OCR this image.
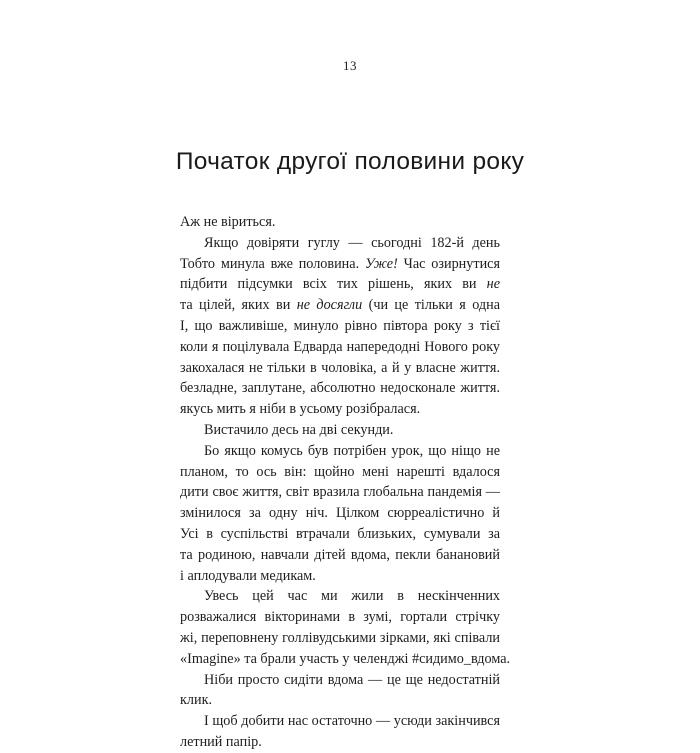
13
Початок другої половини року
Аж не віриться.
Якщо довіряти гуглу — сьогодні 182-й день
Тобто минула вже половина. Уже! Час озирнутися
підбити підсумки всіх тих рішень, яких ви не
та цілей, яких ви не досягли (чи це тільки я одна
І, що важливіше, минуло рівно півтора року з тієї
коли я поцілувала Едварда напередодні Нового року
закохалася не тільки в чоловіка, а й у власне життя.
безладне, заплутане, абсолютно недосконале життя.
якусь мить я ніби в усьому розібралася.
Вистачило десь на дві секунди.
Бо якщо комусь був потрібен урок, що ніщо не
планом, то ось він: щойно мені нарешті вдалося
дити своє життя, світ вразила глобальна пандемія —
змінилося за одну ніч. Цілком сюрреалістично й
Усі в суспільстві втрачали близьких, сумували за
та родиною, навчали дітей вдома, пекли банановий
і аплодували медикам.
Увесь цей час ми жили в нескінченних
розважалися вікторинами в зумі, гортали стрічку
жі, переповнену голлівудськими зірками, які співали
«Imagine» та брали участь у челенджі #сидимо_вдома.
Ніби просто сидіти вдома — це ще недостатній
клик.
І щоб добити нас остаточно — усюди закінчився
летний папір.
